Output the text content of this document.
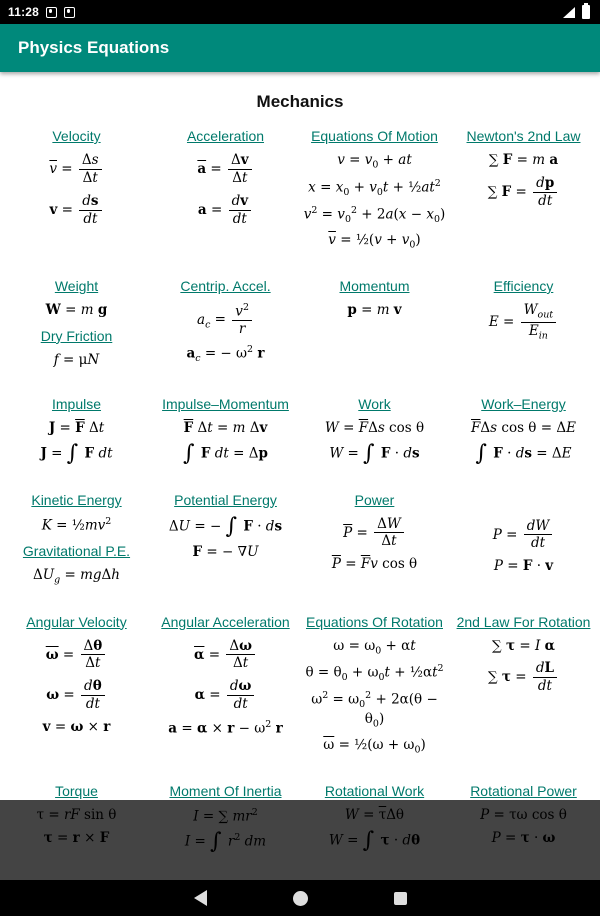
11:28
Physics Equations
Mechanics
Velocity
$\overline{v} = \frac{\Delta s}{\Delta t}$
$v = \frac{ds}{dt}$
Acceleration
$\overline{a} = \frac{\Delta v}{\Delta t}$
$a = \frac{dv}{dt}$
Equations Of Motion
$v = v_0$ + at
$x = x_0 + v_0t$ + $\frac{1}{2}at^2$
$v^2 = v_0^2 + 2a(x - x_0)$
$\overline{v}$ = ½(v + $v_0$)
Newton's 2nd Law
∑ F = m a
∑ $F = \frac{dp}{dt}$
Weight
W = m g
Dry Friction
f = μN
Centrip. Accel.
$a_c = \frac{v^2}{r}$
$a_c$ = − $\omega^2$ r
Momentum
p = m v
Efficiency
E =
$W_{out}$
$E_{in}$
Impulse
$J = \overline{F}$ Δt
J = ∫ F dt
Impulse–Momentum
$\overline{F}$ Δt = m Δv
∫ F dt = Δp
Work
$W = \overline{F}\Delta s$ cos θ
W = ∫ F · ds
Work–Energy
$\overline{F}\Delta s$ cos θ = ΔE
∫ F · ds = ΔE
Kinetic Energy
$K = \frac{1}{2}mv^2$
Gravitational P.E.
$\Delta U_g = mg\Delta h$
Potential Energy
ΔU = − ∫ F · ds
F = − ∇U
Power
$\overline{P} = \frac{\Delta W}{\Delta t}$
$\overline{P} = \overline{F}v$ cos θ
$P = \frac{dW}{dt}$
P = F · v
Angular Velocity
$\overline{\omega} = \frac{\Delta\theta}{\Delta t}$
$\omega = \frac{d\theta}{dt}$
v = ω × r
Angular Acceleration
$\overline{\alpha} = \frac{\Delta\omega}{\Delta t}$
$\alpha = \frac{d\omega}{dt}$
$a = \alpha \times r - \omega^2$ r
Equations Of Rotation
$\omega = \omega_0 + \alpha t$
$\theta = \theta_0 + \omega_0t$ + $\frac{1}{2}\alpha t^2$
$\omega^2 = \omega_0^2 + 2\alpha(\theta - \theta_0)$
$\overline{\omega}$ = ½(ω + $\omega_0$)
2nd Law For Rotation
∑ τ = I α
∑ $\tau = \frac{dL}{dt}$
Torque
τ = rF sin θ
τ = r × F
Moment Of Inertia
I = ∑ $mr^2$
I = ∫ $r^2$ dm
Rotational Work
$W = \overline{\tau}\Delta\theta$
W = ∫ τ · dθ
Rotational Power
P = τω cos θ
P = τ · ω
